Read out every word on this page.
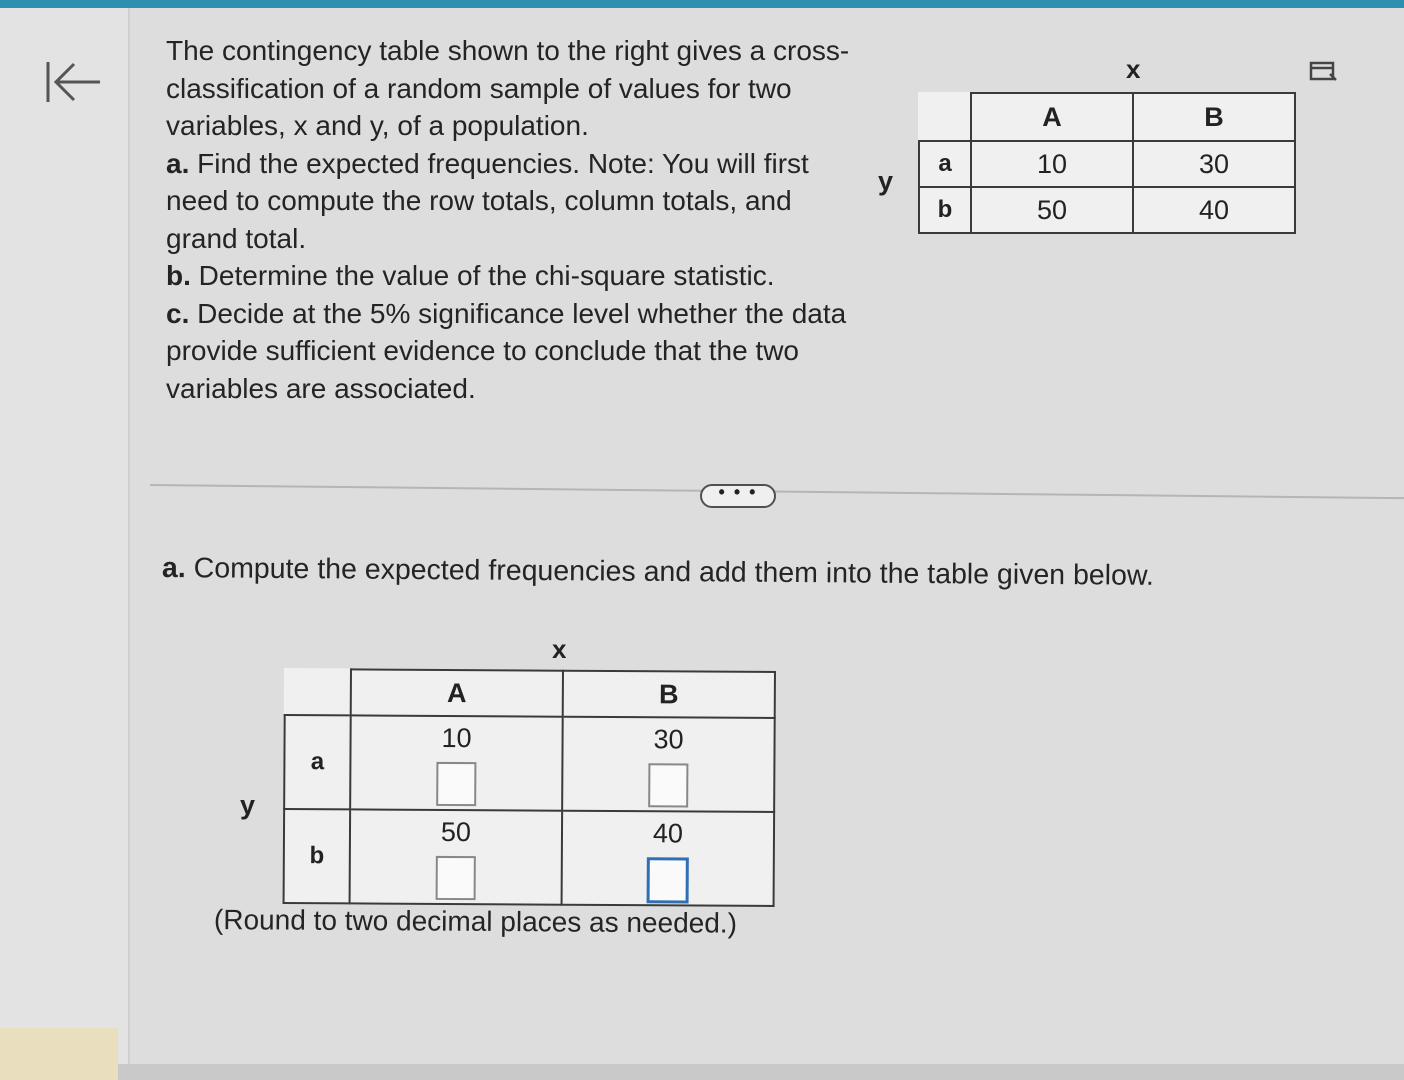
The contingency table shown to the right gives a cross-classification of a random sample of values for two variables, x and y, of a population.

a. Find the expected frequencies. Note: You will first need to compute the row totals, column totals, and grand total.

b. Determine the value of the chi-square statistic.

c. Decide at the 5% significance level whether the data provide sufficient evidence to conclude that the two variables are associated.

x
y
	A	B
a	10	30
b	50	40
• • •
a. Compute the expected frequencies and add them into the table given below.
x
y
	A	B
a	10	30

b	50	40
(Round to two decimal places as needed.)
